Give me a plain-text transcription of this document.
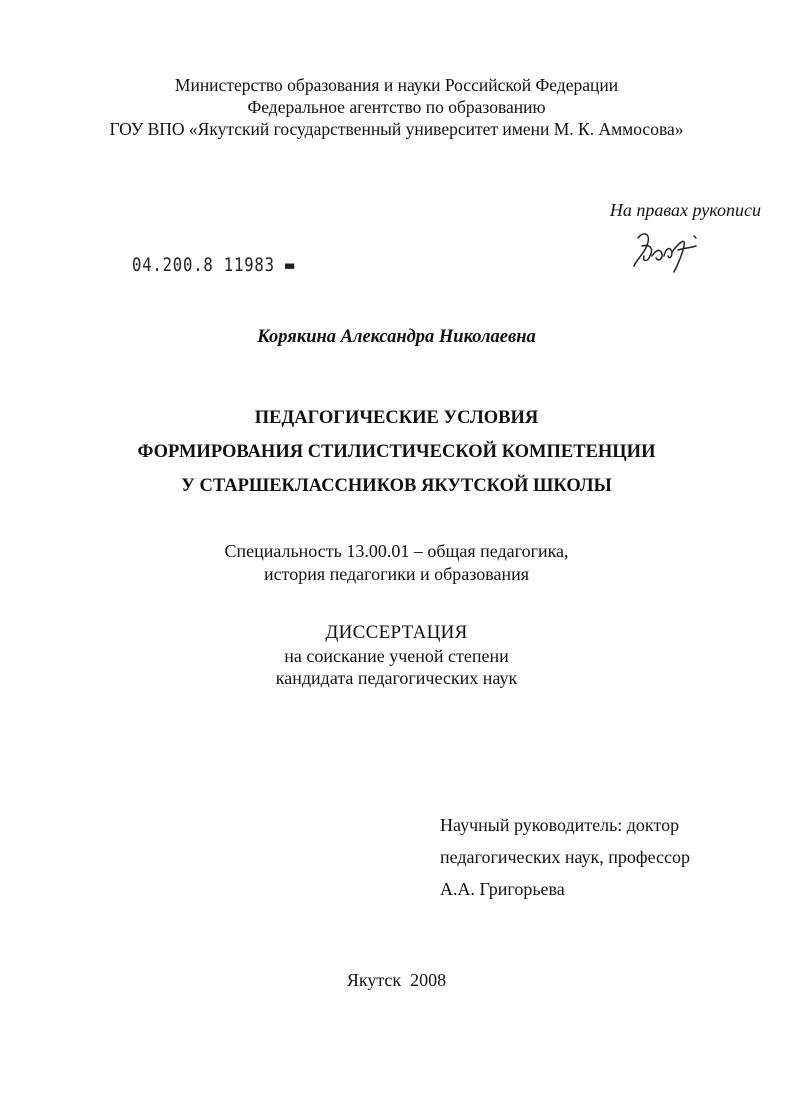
Министерство образования и науки Российской Федерации
Федеральное агентство по образованию
ГОУ ВПО «Якутский государственный университет имени М. К. Аммосова»
На правах рукописи
04.200.8 11983 ▬
Корякина Александра Николаевна
ПЕДАГОГИЧЕСКИЕ УСЛОВИЯ
ФОРМИРОВАНИЯ СТИЛИСТИЧЕСКОЙ КОМПЕТЕНЦИИ
У СТАРШЕКЛАССНИКОВ ЯКУТСКОЙ ШКОЛЫ
Специальность 13.00.01 – общая педагогика,
история педагогики и образования
ДИССЕРТАЦИЯ
на соискание ученой степени
кандидата педагогических наук
Научный руководитель: доктор
педагогических наук, профессор
А.А. Григорьева
Якутск  2008
